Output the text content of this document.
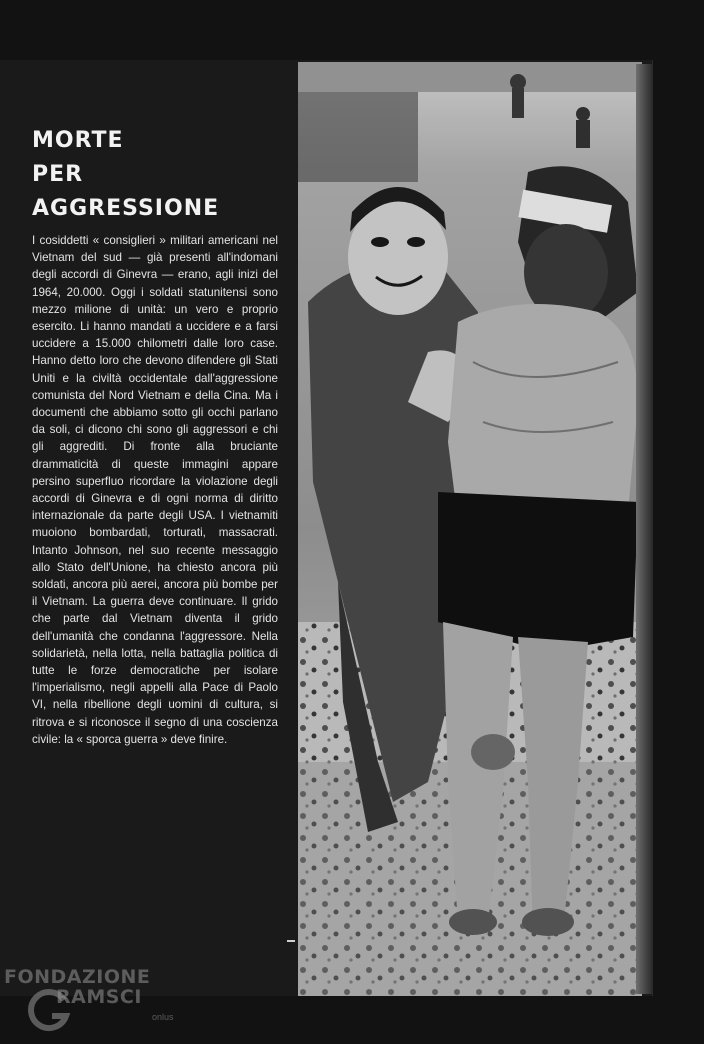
MORTE
PER
AGGRESSIONE

I cosiddetti « consiglieri » militari americani nel Vietnam del sud — già presenti all'indomani degli accordi di Ginevra — erano, agli inizi del 1964, 20.000. Oggi i soldati statunitensi sono mezzo milione di unità: un vero e proprio esercito. Li hanno mandati a uccidere e a farsi uccidere a 15.000 chilometri dalle loro case. Hanno detto loro che devono difendere gli Stati Uniti e la civiltà occidentale dall'aggressione comunista del Nord Vietnam e della Cina. Ma i documenti che abbiamo sotto gli occhi parlano da soli, ci dicono chi sono gli aggressori e chi gli aggrediti. Di fronte alla bruciante drammaticità di queste immagini appare persino superfluo ricordare la violazione degli accordi di Ginevra e di ogni norma di diritto internazionale da parte degli USA. I vietnamiti muoiono bombardati, torturati, massacrati. Intanto Johnson, nel suo recente messaggio allo Stato dell'Unione, ha chiesto ancora più soldati, ancora più aerei, ancora più bombe per il Vietnam. La guerra deve continuare. Il grido che parte dal Vietnam diventa il grido dell'umanità che condanna l'aggressore. Nella solidarietà, nella lotta, nella battaglia politica di tutte le forze democratiche per isolare l'imperialismo, negli appelli alla Pace di Paolo VI, nella ribellione degli uomini di cultura, si ritrova e si riconosce il segno di una coscienza civile: la « sporca guerra » deve finire.

FONDAZIONE
RAMSCI
onlus
